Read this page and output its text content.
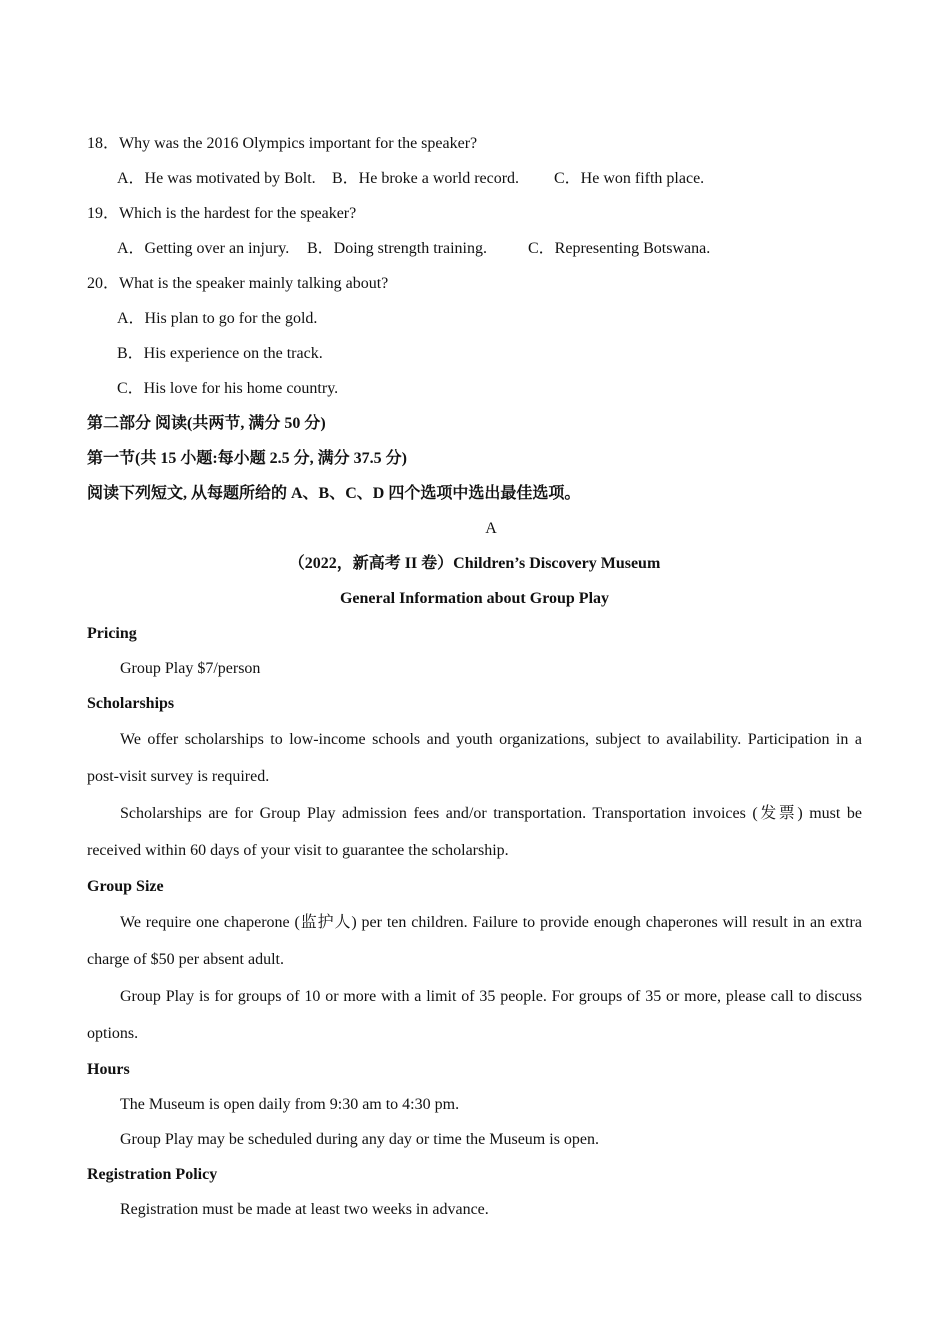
18．Why was the 2016 Olympics important for the speaker?
A．He was motivated by Bolt. B．He broke a world record. C．He won fifth place.
19．Which is the hardest for the speaker?
A．Getting over an injury. B．Doing strength training.	C．Representing Botswana.
20．What is the speaker mainly talking about?
A．His plan to go for the gold.
B．His experience on the track.
C．His love for his home country.
第二部分 阅读(共两节, 满分 50 分)
第一节(共 15 小题:每小题 2.5 分, 满分 37.5 分)
阅读下列短文, 从每题所给的 A、B、C、D 四个选项中选出最佳选项。
A
（2022，新高考 II 卷）Children’s Discovery Museum
General Information about Group Play
Pricing
Group Play $7/person
Scholarships
We offer scholarships to low-income schools and youth organizations, subject to availability. Participation in a post-visit survey is required.
Scholarships are for Group Play admission fees and/or transportation. Transportation invoices (发票) must be received within 60 days of your visit to guarantee the scholarship.
Group Size
We require one chaperone (监护人) per ten children. Failure to provide enough chaperones will result in an extra charge of $50 per absent adult.
Group Play is for groups of 10 or more with a limit of 35 people. For groups of 35 or more, please call to discuss options.
Hours
The Museum is open daily from 9:30 am to 4:30 pm.
Group Play may be scheduled during any day or time the Museum is open.
Registration Policy
Registration must be made at least two weeks in advance.
